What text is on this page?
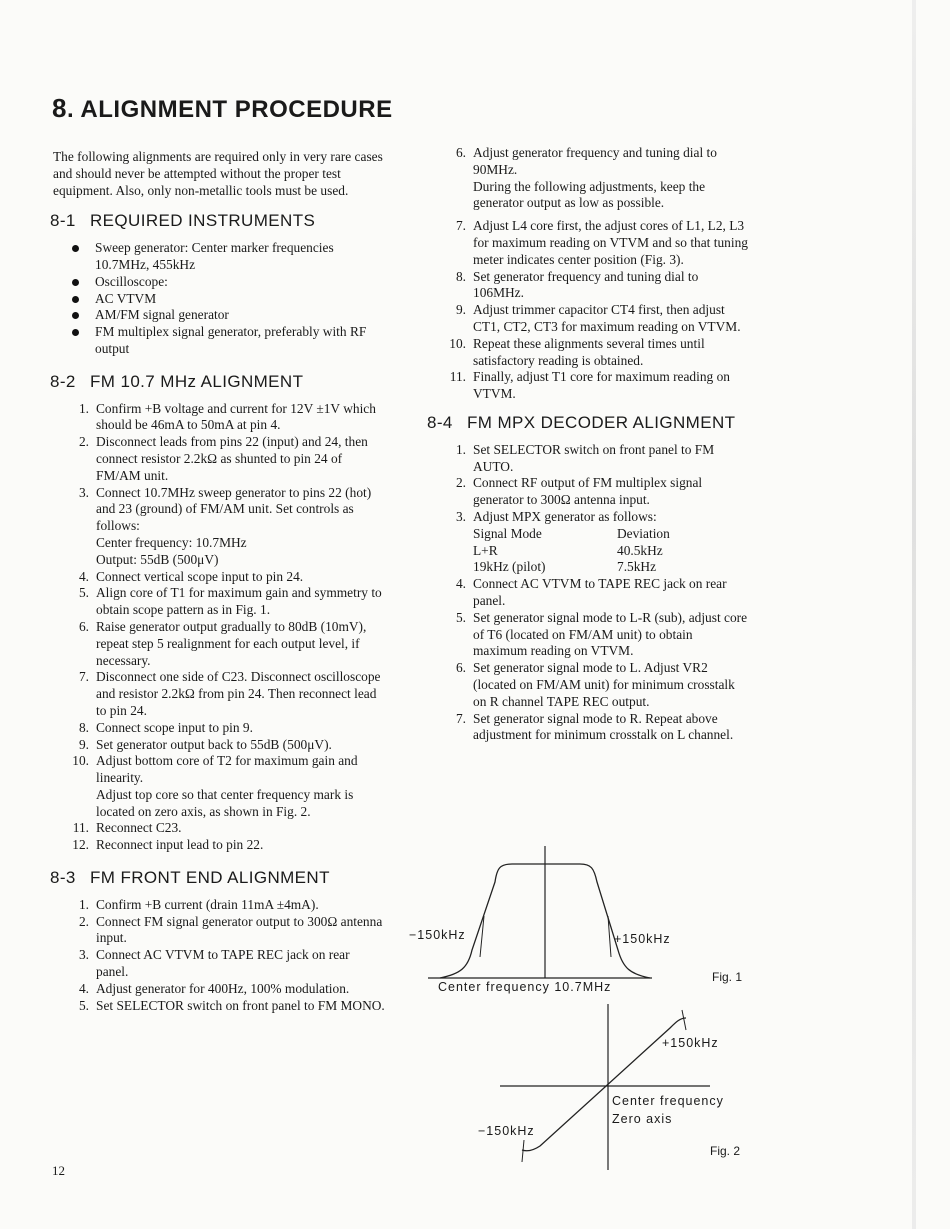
8. ALIGNMENT PROCEDURE

The following alignments are required only in very rare cases and should never be attempted without the proper test equipment. Also, only non-metallic tools must be used.

8-1 REQUIRED INSTRUMENTS
Sweep generator: Center marker frequencies 10.7MHz, 455kHz
Oscilloscope:
AC VTVM
AM/FM signal generator
FM multiplex signal generator, preferably with RF output
8-2 FM 10.7 MHz ALIGNMENT
1. Confirm +B voltage and current for 12V ±1V which should be 46mA to 50mA at pin 4.
2. Disconnect leads from pins 22 (input) and 24, then connect resistor 2.2kΩ as shunted to pin 24 of FM/AM unit.
3. Connect 10.7MHz sweep generator to pins 22 (hot) and 23 (ground) of FM/AM unit. Set controls as follows:
Center frequency: 10.7MHz
Output: 55dB (500μV)
4. Connect vertical scope input to pin 24.
5. Align core of T1 for maximum gain and symmetry to obtain scope pattern as in Fig. 1.
6. Raise generator output gradually to 80dB (10mV), repeat step 5 realignment for each output level, if necessary.
7. Disconnect one side of C23. Disconnect oscilloscope and resistor 2.2kΩ from pin 24. Then reconnect lead to pin 24.
8. Connect scope input to pin 9.
9. Set generator output back to 55dB (500μV).
10. Adjust bottom core of T2 for maximum gain and linearity.
Adjust top core so that center frequency mark is located on zero axis, as shown in Fig. 2.
11. Reconnect C23.
12. Reconnect input lead to pin 22.
8-3 FM FRONT END ALIGNMENT
1. Confirm +B current (drain 11mA ±4mA).
2. Connect FM signal generator output to 300Ω antenna input.
3. Connect AC VTVM to TAPE REC jack on rear panel.
4. Adjust generator for 400Hz, 100% modulation.
5. Set SELECTOR switch on front panel to FM MONO.
12
6. Adjust generator frequency and tuning dial to 90MHz.
During the following adjustments, keep the generator output as low as possible.
7. Adjust L4 core first, the adjust cores of L1, L2, L3 for maximum reading on VTVM and so that tuning meter indicates center position (Fig. 3).
8. Set generator frequency and tuning dial to 106MHz.
9. Adjust trimmer capacitor CT4 first, then adjust CT1, CT2, CT3 for maximum reading on VTVM.
10. Repeat these alignments several times until satisfactory reading is obtained.
11. Finally, adjust T1 core for maximum reading on VTVM.
8-4 FM MPX DECODER ALIGNMENT
1. Set SELECTOR switch on front panel to FM AUTO.
2. Connect RF output of FM multiplex signal generator to 300Ω antenna input.
3. Adjust MPX generator as follows:
Signal Mode	Deviation
L+R	40.5kHz
19kHz (pilot)	7.5kHz
4. Connect AC VTVM to TAPE REC jack on rear panel.
5. Set generator signal mode to L-R (sub), adjust core of T6 (located on FM/AM unit) to obtain maximum reading on VTVM.
6. Set generator signal mode to L. Adjust VR2 (located on FM/AM unit) for minimum crosstalk on R channel TAPE REC output.
7. Set generator signal mode to R. Repeat above adjustment for minimum crosstalk on L channel.
−150kHz	+150kHz
Center frequency 10.7MHz
Fig. 1
+150kHz
Center frequency
Zero axis
−150kHz
Fig. 2
